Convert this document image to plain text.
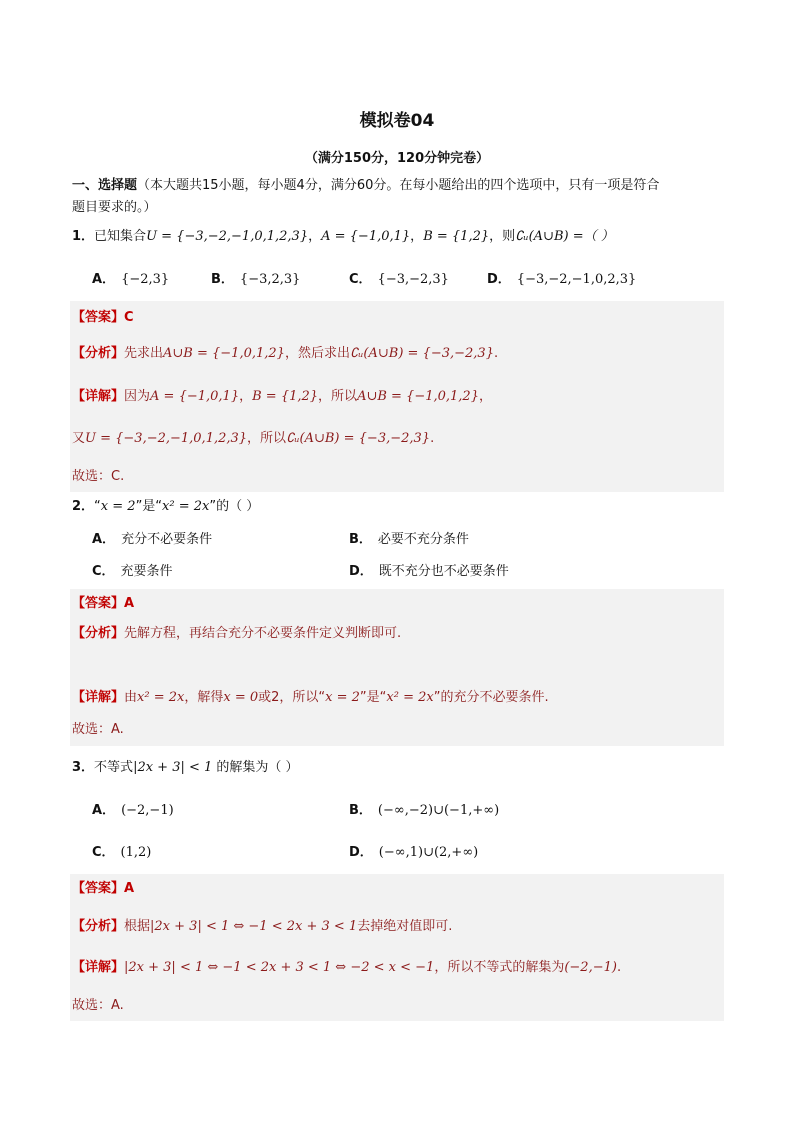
模拟卷04
（满分150分，120分钟完卷）
一、选择题（本大题共15小题，每小题4分，满分60分。在每小题给出的四个选项中，只有一项是符合
题目要求的。）
1．已知集合U = {−3,−2,−1,0,1,2,3}，A = {−1,0,1}，B = {1,2}，则∁ᵤ(A∪B) =（ ）
A． {−2,3}	B． {−3,2,3}	C． {−3,−2,3}	D． {−3,−2,−1,0,2,3}
【答案】C
【分析】先求出A∪B = {−1,0,1,2}，然后求出∁ᵤ(A∪B) = {−3,−2,3}.
【详解】因为A = {−1,0,1}，B = {1,2}，所以A∪B = {−1,0,1,2}，
又U = {−3,−2,−1,0,1,2,3}，所以∁ᵤ(A∪B) = {−3,−2,3}.
故选：C.
2．“x = 2”是“x² = 2x”的（ ）
A． 充分不必要条件	B． 必要不充分条件
C． 充要条件	D． 既不充分也不必要条件
【答案】A
【分析】先解方程，再结合充分不必要条件定义判断即可.
【详解】由x² = 2x，解得x = 0或2，所以“x = 2”是“x² = 2x”的充分不必要条件.
故选：A.
3．不等式|2x + 3| < 1 的解集为（ ）
A． (−2,−1)	B． (−∞,−2)∪(−1,+∞)
C． (1,2)	D． (−∞,1)∪(2,+∞)
【答案】A
【分析】根据|2x + 3| < 1 ⇔ −1 < 2x + 3 < 1去掉绝对值即可.
【详解】|2x + 3| < 1 ⇔ −1 < 2x + 3 < 1 ⇔ −2 < x < −1，所以不等式的解集为(−2,−1).
故选：A.
